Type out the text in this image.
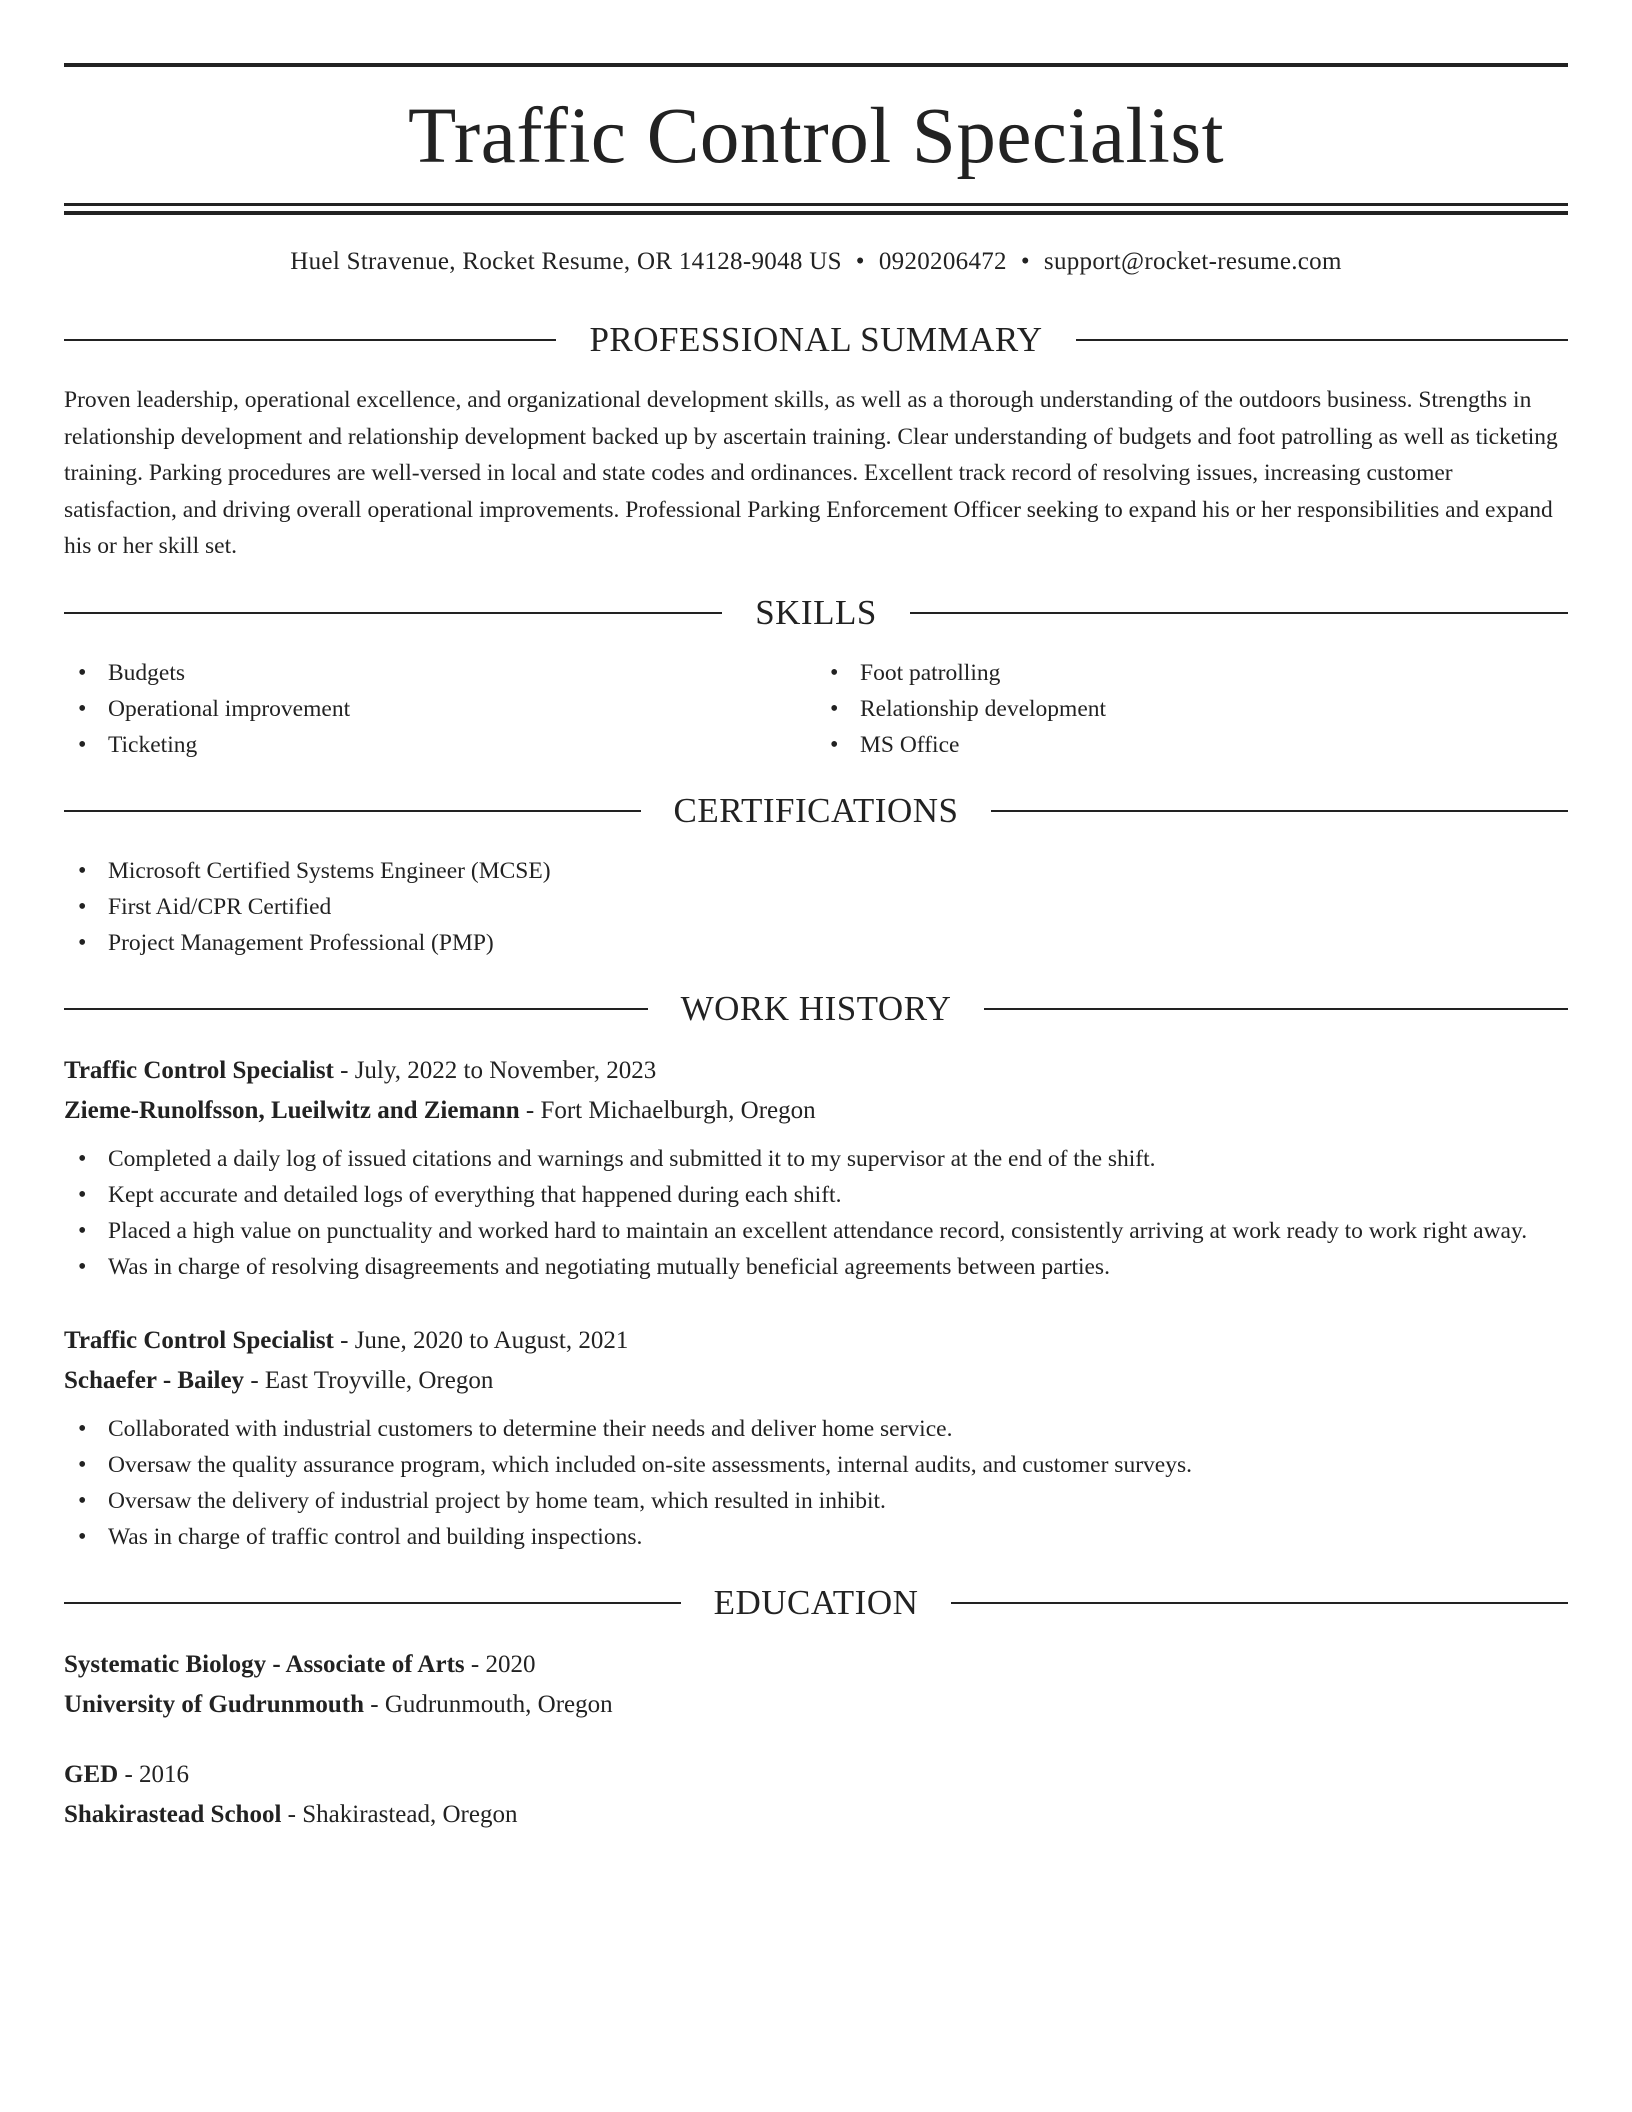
Traffic Control Specialist
Huel Stravenue, Rocket Resume, OR 14128-9048 US • 0920206472 • support@rocket-resume.com
PROFESSIONAL SUMMARY

Proven leadership, operational excellence, and organizational development skills, as well as a thorough understanding of the outdoors business. Strengths in relationship development and relationship development backed up by ascertain training. Clear understanding of budgets and foot patrolling as well as ticketing training. Parking procedures are well-versed in local and state codes and ordinances. Excellent track record of resolving issues, increasing customer satisfaction, and driving overall operational improvements. Professional Parking Enforcement Officer seeking to expand his or her responsibilities and expand his or her skill set.

SKILLS
• Budgets
• Operational improvement
• Ticketing
• Foot patrolling
• Relationship development
• MS Office
CERTIFICATIONS
• Microsoft Certified Systems Engineer (MCSE)
• First Aid/CPR Certified
• Project Management Professional (PMP)
WORK HISTORY
Traffic Control Specialist - July, 2022 to November, 2023
Zieme-Runolfsson, Lueilwitz and Ziemann - Fort Michaelburgh, Oregon
• Completed a daily log of issued citations and warnings and submitted it to my supervisor at the end of the shift.
• Kept accurate and detailed logs of everything that happened during each shift.
• Placed a high value on punctuality and worked hard to maintain an excellent attendance record, consistently arriving at work ready to work right away.
• Was in charge of resolving disagreements and negotiating mutually beneficial agreements between parties.
Traffic Control Specialist - June, 2020 to August, 2021
Schaefer - Bailey - East Troyville, Oregon
• Collaborated with industrial customers to determine their needs and deliver home service.
• Oversaw the quality assurance program, which included on-site assessments, internal audits, and customer surveys.
• Oversaw the delivery of industrial project by home team, which resulted in inhibit.
• Was in charge of traffic control and building inspections.
EDUCATION
Systematic Biology - Associate of Arts - 2020
University of Gudrunmouth - Gudrunmouth, Oregon
GED - 2016
Shakirastead School - Shakirastead, Oregon
